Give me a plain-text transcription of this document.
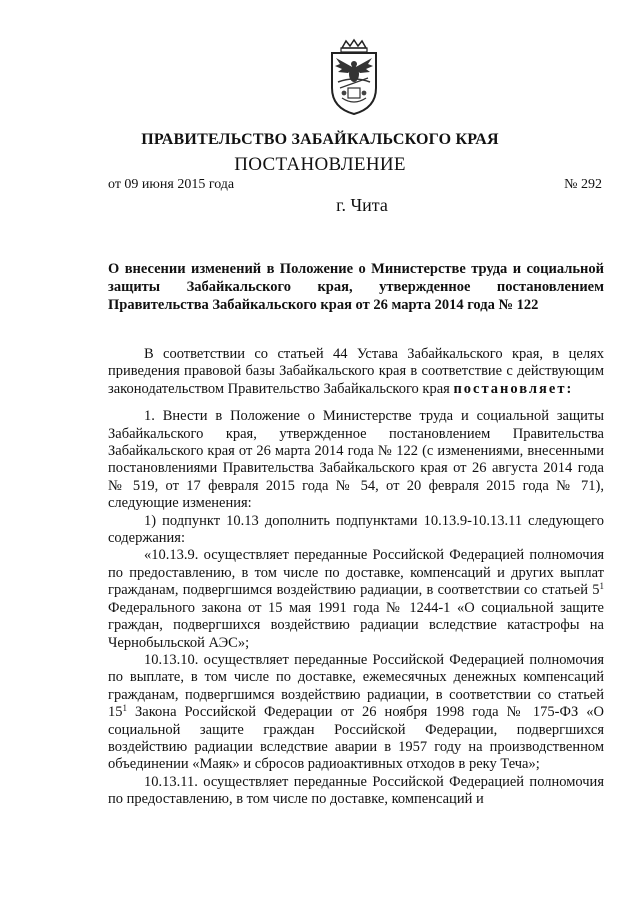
ПРАВИТЕЛЬСТВО ЗАБАЙКАЛЬСКОГО КРАЯ
ПОСТАНОВЛЕНИЕ
от 09 июня 2015 года	№ 292
г. Чита
О внесении изменений в Положение о Министерстве труда и социальной защиты Забайкальского края, утвержденное постановлением Правительства Забайкальского края от 26 марта 2014 года № 122

В соответствии со статьей 44 Устава Забайкальского края, в целях приведения правовой базы Забайкальского края в соответствие с действующим законодательством Правительство Забайкальского края постановляет:

1. Внести в Положение о Министерстве труда и социальной защиты Забайкальского края, утвержденное постановлением Правительства Забайкальского края от 26 марта 2014 года № 122 (с изменениями, внесенными постановлениями Правительства Забайкальского края от 26 августа 2014 года № 519, от 17 февраля 2015 года № 54, от 20 февраля 2015 года № 71), следующие изменения:

1) подпункт 10.13 дополнить подпунктами 10.13.9-10.13.11 следующего содержания:

«10.13.9. осуществляет переданные Российской Федерацией полномочия по предоставлению, в том числе по доставке, компенсаций и других выплат гражданам, подвергшимся воздействию радиации, в соответствии со статьей $5^1$ Федерального закона от 15 мая 1991 года № 1244-1 «О социальной защите граждан, подвергшихся воздействию радиации вследствие катастрофы на Чернобыльской АЭС»;

10.13.10. осуществляет переданные Российской Федерацией полномочия по выплате, в том числе по доставке, ежемесячных денежных компенсаций гражданам, подвергшимся воздействию радиации, в соответствии со статьей $15^1$ Закона Российской Федерации от 26 ноября 1998 года № 175-ФЗ «О социальной защите граждан Российской Федерации, подвергшихся воздействию радиации вследствие аварии в 1957 году на производственном объединении «Маяк» и сбросов радиоактивных отходов в реку Теча»;

10.13.11. осуществляет переданные Российской Федерацией полномочия по предоставлению, в том числе по доставке, компенсаций и
